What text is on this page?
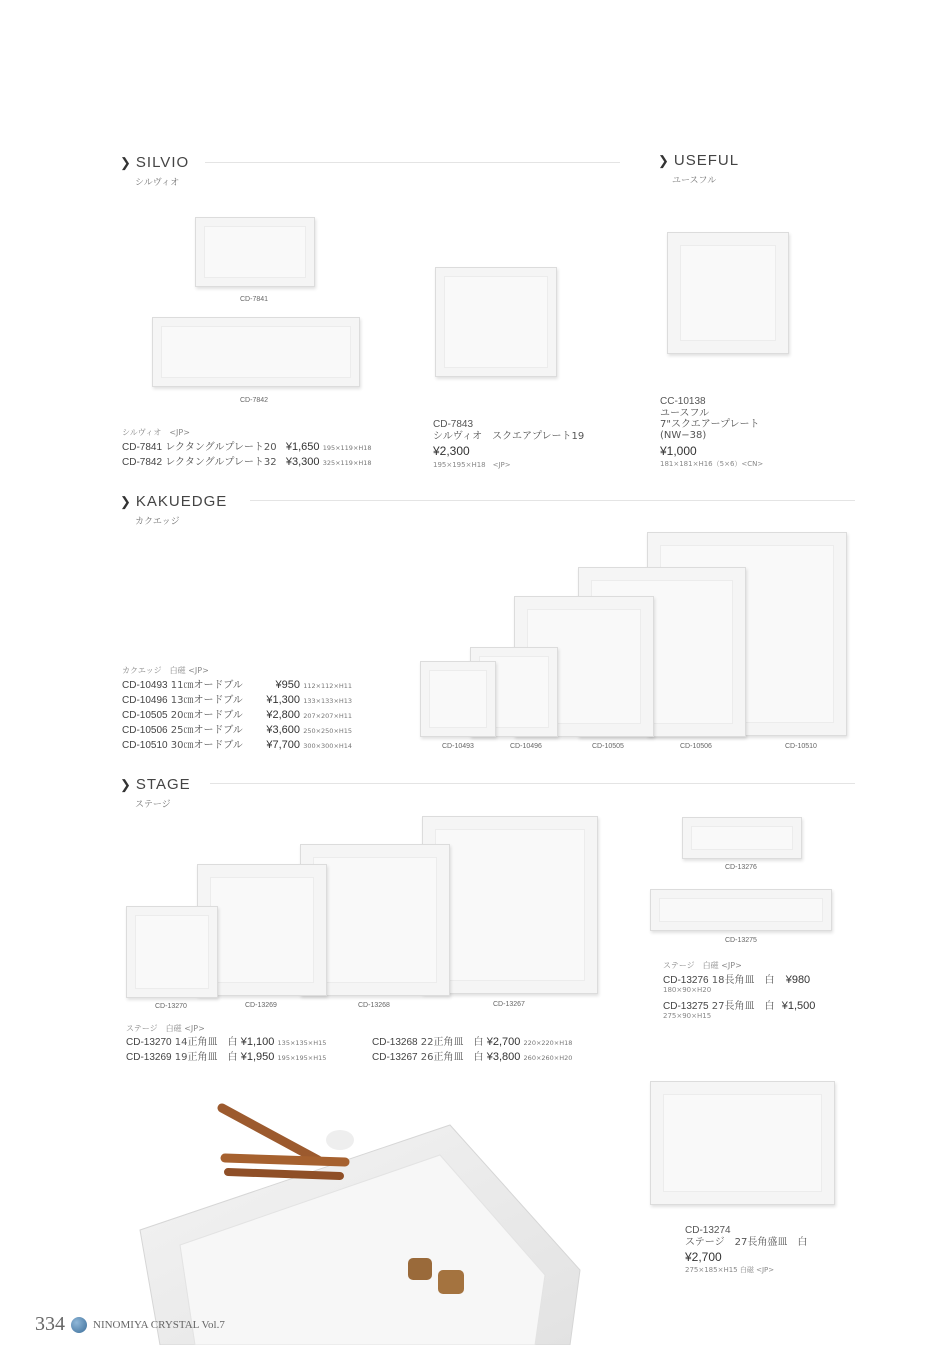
❯ SILVIO
シルヴィオ
CD-7841
CD-7842
シルヴィオ　<JP>
CD-7841 レクタングルプレート20 ¥1,650 195×119×H18
CD-7842 レクタングルプレート32 ¥3,300 325×119×H18
CD-7843
シルヴィオ　スクエアプレート19
¥2,300
195×195×H18　<JP>
❯ USEFUL
ユースフル
CC-10138
ユースフル
7"スクエアープレート
(NW−38)
¥1,000
181×181×H16（5×6）<CN>
❯ KAKUEDGE
カクエッジ
CD-10493	CD-10496	CD-10505	CD-10506	CD-10510
カクエッジ　白磁 <JP>
CD-10493 11㎝オードブル	¥950 112×112×H11
CD-10496 13㎝オードブル ¥1,300 133×133×H13
CD-10505 20㎝オードブル ¥2,800 207×207×H11
CD-10506 25㎝オードブル ¥3,600 250×250×H15
CD-10510 30㎝オードブル ¥7,700 300×300×H14
❯ STAGE
ステージ
CD-13270	CD-13269	CD-13268	CD-13267
CD-13276
CD-13275
ステージ　白磁 <JP>
CD-13276 18長角皿　白 ¥980
180×90×H20
CD-13275 27長角皿　白 ¥1,500
275×90×H15
ステージ　白磁 <JP>
CD-13270 14正角皿　白 ¥1,100 135×135×H15
CD-13269 19正角皿　白 ¥1,950 195×195×H15
CD-13268 22正角皿　白 ¥2,700 220×220×H18
CD-13267 26正角皿　白 ¥3,800 260×260×H20
CD-13274
ステージ　27長角盛皿　白
¥2,700
275×185×H15 白磁 <JP>
334	NINOMIYA CRYSTAL Vol.7
